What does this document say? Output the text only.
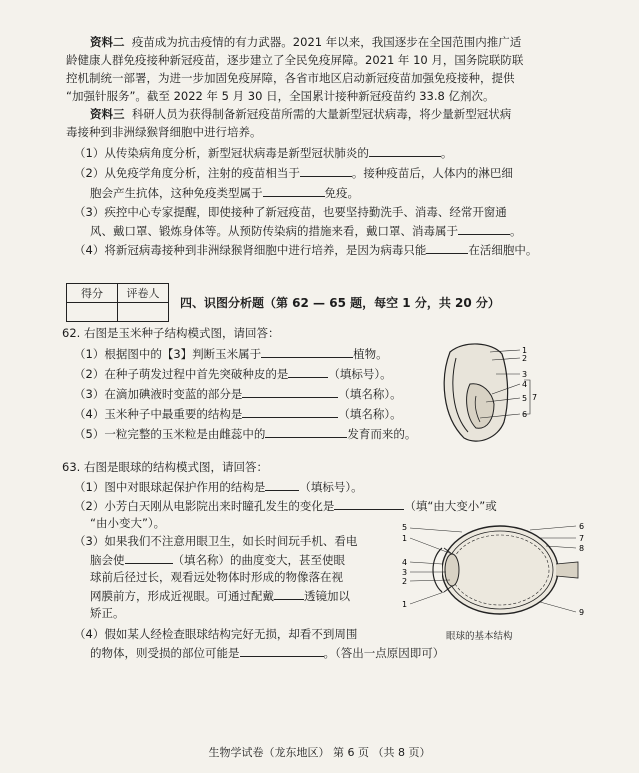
资料二 疫苗成为抗击疫情的有力武器。2021 年以来，我国逐步在全国范围内推广适
龄健康人群免疫接种新冠疫苗，逐步建立了全民免疫屏障。2021 年 10 月，国务院联防联
控机制统一部署，为进一步加固免疫屏障，各省市地区启动新冠疫苗加强免疫接种，提供
“加强针服务”。截至 2022 年 5 月 30 日，全国累计接种新冠疫苗约 33.8 亿剂次。
资料三 科研人员为获得制备新冠疫苗所需的大量新型冠状病毒，将少量新型冠状病
毒接种到非洲绿猴肾细胞中进行培养。
（1）从传染病角度分析，新型冠状病毒是新型冠状肺炎的	。
（2）从免疫学角度分析，注射的疫苗相当于	。接种疫苗后，人体内的淋巴细
胞会产生抗体，这种免疫类型属于	免疫。
（3）疾控中心专家提醒，即使接种了新冠疫苗，也要坚持勤洗手、消毒、经常开窗通
风、戴口罩、锻炼身体等。从预防传染病的措施来看，戴口罩、消毒属于	。
（4）将新冠病毒接种到非洲绿猴肾细胞中进行培养，是因为病毒只能	在活细胞中。
得分	评卷人

四、识图分析题（第 62 — 65 题，每空 1 分，共 20 分）
62. 右图是玉米种子结构模式图，请回答：
（1）根据图中的【3】判断玉米属于	植物。
（2）在种子萌发过程中首先突破种皮的是	（填标号）。
（3）在滴加碘液时变蓝的部分是	（填名称）。
（4）玉米种子中最重要的结构是	（填名称）。
（5）一粒完整的玉米粒是由雌蕊中的	发育而来的。
1
2
3
4
5
6
7
63. 右图是眼球的结构模式图，请回答：
（1）图中对眼球起保护作用的结构是	（填标号）。
（2）小芳白天刚从电影院出来时瞳孔发生的变化是	（填“由大变小”或
“由小变大”）。
（3）如果我们不注意用眼卫生，如长时间玩手机、看电
脑会使	（填名称）的曲度变大，甚至使眼
球前后径过长，观看远处物体时形成的物像落在视
网膜前方，形成近视眼。可通过配戴	透镜加以
矫正。
（4）假如某人经检查眼球结构完好无损，却看不到周围
的物体，则受损的部位可能是	。（答出一点原因即可）
5
1
4
3
2
1
6
7
8
9
眼球的基本结构
生物学试卷（龙东地区） 第 6 页 （共 8 页）
